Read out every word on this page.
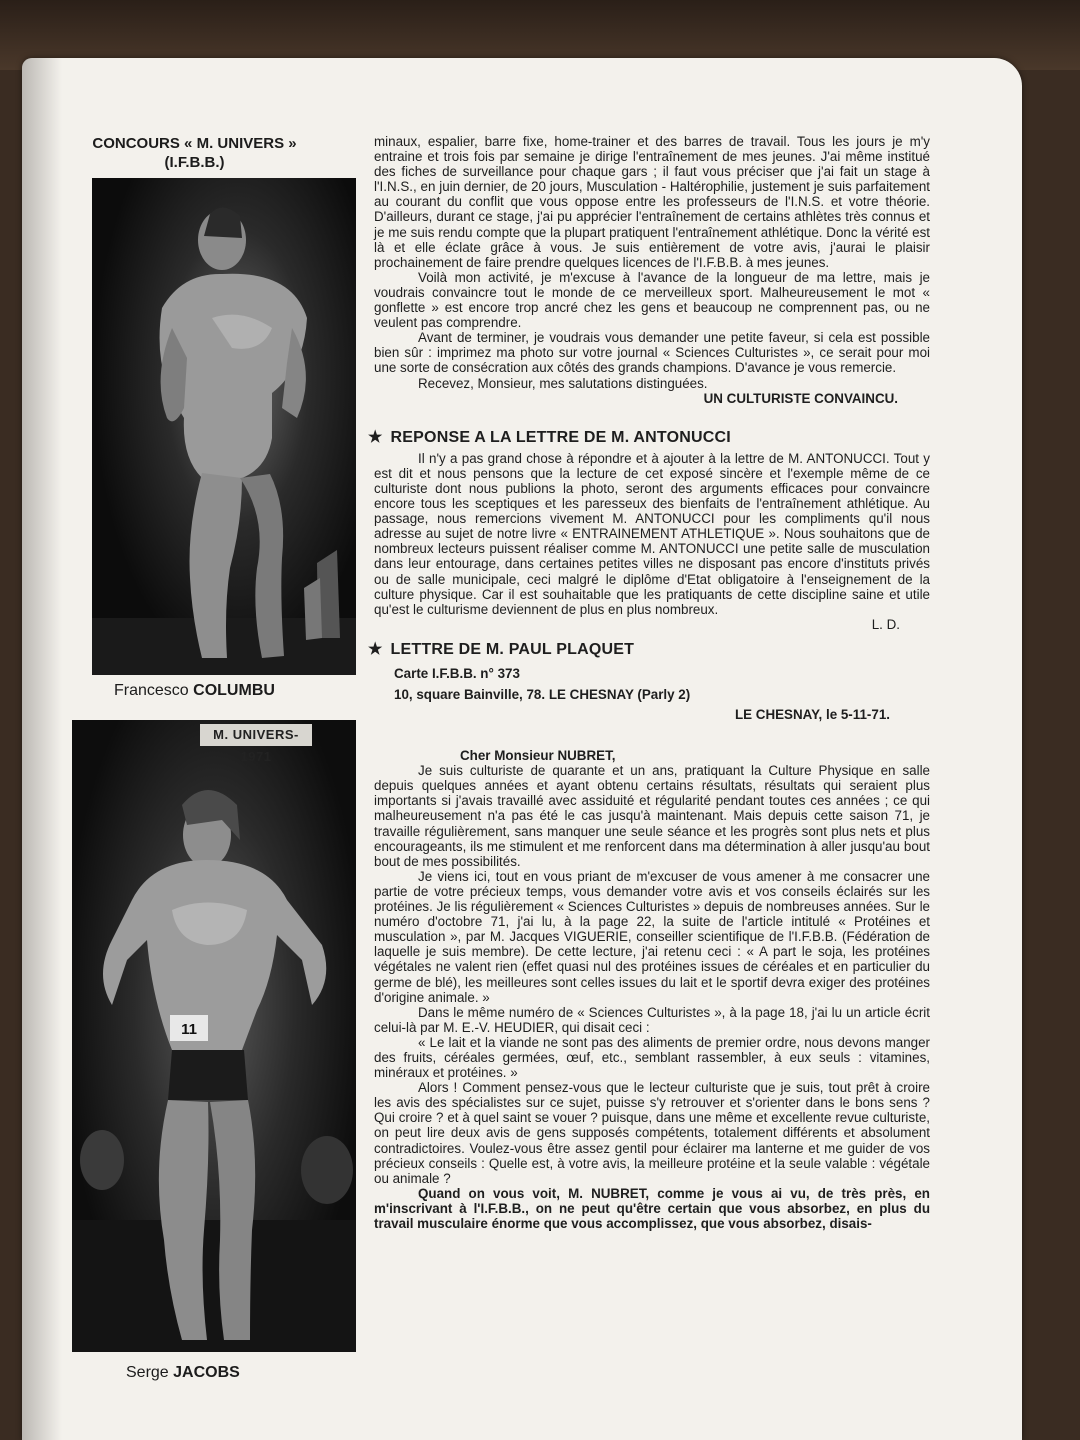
CONCOURS « M. UNIVERS »
(I.F.B.B.)
Francesco COLUMBU
M. UNIVERS-1971
11
Serge JACOBS

minaux, espalier, barre fixe, home-trainer et des barres de travail. Tous les jours je m'y entraine et trois fois par semaine je dirige l'entraînement de mes jeunes. J'ai même institué des fiches de surveillance pour chaque gars ; il faut vous préciser que j'ai fait un stage à l'I.N.S., en juin dernier, de 20 jours, Musculation - Haltérophilie, justement je suis parfaitement au courant du conflit que vous oppose entre les professeurs de l'I.N.S. et votre théorie. D'ailleurs, durant ce stage, j'ai pu apprécier l'entraînement de certains athlètes très connus et je me suis rendu compte que la plupart pratiquent l'entraînement athlétique. Donc la vérité est là et elle éclate grâce à vous. Je suis entièrement de votre avis, j'aurai le plaisir prochainement de faire prendre quelques licences de l'I.F.B.B. à mes jeunes.

Voilà mon activité, je m'excuse à l'avance de la longueur de ma lettre, mais je voudrais convaincre tout le monde de ce merveilleux sport. Malheureusement le mot « gonflette » est encore trop ancré chez les gens et beaucoup ne comprennent pas, ou ne veulent pas comprendre.

Avant de terminer, je voudrais vous demander une petite faveur, si cela est possible bien sûr : imprimez ma photo sur votre journal « Sciences Culturistes », ce serait pour moi une sorte de consécration aux côtés des grands champions. D'avance je vous remercie.

Recevez, Monsieur, mes salutations distinguées.

UN CULTURISTE CONVAINCU.

★ REPONSE A LA LETTRE DE M. ANTONUCCI

Il n'y a pas grand chose à répondre et à ajouter à la lettre de M. ANTONUCCI. Tout y est dit et nous pensons que la lecture de cet exposé sincère et l'exemple même de ce culturiste dont nous publions la photo, seront des arguments efficaces pour convaincre encore tous les sceptiques et les paresseux des bienfaits de l'entraînement athlétique. Au passage, nous remercions vivement M. ANTONUCCI pour les compliments qu'il nous adresse au sujet de notre livre « ENTRAINEMENT ATHLETIQUE ». Nous souhaitons que de nombreux lecteurs puissent réaliser comme M. ANTONUCCI une petite salle de musculation dans leur entourage, dans certaines petites villes ne disposant pas encore d'instituts privés ou de salle municipale, ceci malgré le diplôme d'Etat obligatoire à l'enseignement de la culture physique. Car il est souhaitable que les pratiquants de cette discipline saine et utile qu'est le culturisme deviennent de plus en plus nombreux.

L. D.

★ LETTRE DE M. PAUL PLAQUET
Carte I.F.B.B. n° 373
10, square Bainville, 78. LE CHESNAY (Parly 2)
LE CHESNAY, le 5-11-71.
Cher Monsieur NUBRET,

Je suis culturiste de quarante et un ans, pratiquant la Culture Physique en salle depuis quelques années et ayant obtenu certains résultats, résultats qui seraient plus importants si j'avais travaillé avec assiduité et régularité pendant toutes ces années ; ce qui malheureusement n'a pas été le cas jusqu'à maintenant. Mais depuis cette saison 71, je travaille régulièrement, sans manquer une seule séance et les progrès sont plus nets et plus encourageants, ils me stimulent et me renforcent dans ma détermination à aller jusqu'au bout bout de mes possibilités.

Je viens ici, tout en vous priant de m'excuser de vous amener à me consacrer une partie de votre précieux temps, vous demander votre avis et vos conseils éclairés sur les protéines. Je lis régulièrement « Sciences Culturistes » depuis de nombreuses années. Sur le numéro d'octobre 71, j'ai lu, à la page 22, la suite de l'article intitulé « Protéines et musculation », par M. Jacques VIGUERIE, conseiller scientifique de l'I.F.B.B. (Fédération de laquelle je suis membre). De cette lecture, j'ai retenu ceci : « A part le soja, les protéines végétales ne valent rien (effet quasi nul des protéines issues de céréales et en particulier du germe de blé), les meilleures sont celles issues du lait et le sportif devra exiger des protéines d'origine animale. »

Dans le même numéro de « Sciences Culturistes », à la page 18, j'ai lu un article écrit celui-là par M. E.-V. HEUDIER, qui disait ceci :

« Le lait et la viande ne sont pas des aliments de premier ordre, nous devons manger des fruits, céréales germées, œuf, etc., semblant rassembler, à eux seuls : vitamines, minéraux et protéines. »

Alors ! Comment pensez-vous que le lecteur culturiste que je suis, tout prêt à croire les avis des spécialistes sur ce sujet, puisse s'y retrouver et s'orienter dans le bons sens ? Qui croire ? et à quel saint se vouer ? puisque, dans une même et excellente revue culturiste, on peut lire deux avis de gens supposés compétents, totalement différents et absolument contradictoires. Voulez-vous être assez gentil pour éclairer ma lanterne et me guider de vos précieux conseils : Quelle est, à votre avis, la meilleure protéine et la seule valable : végétale ou animale ?

Quand on vous voit, M. NUBRET, comme je vous ai vu, de très près, en m'inscrivant à l'I.F.B.B., on ne peut qu'être certain que vous absorbez, en plus du travail musculaire énorme que vous accomplissez, que vous absorbez, disais-
